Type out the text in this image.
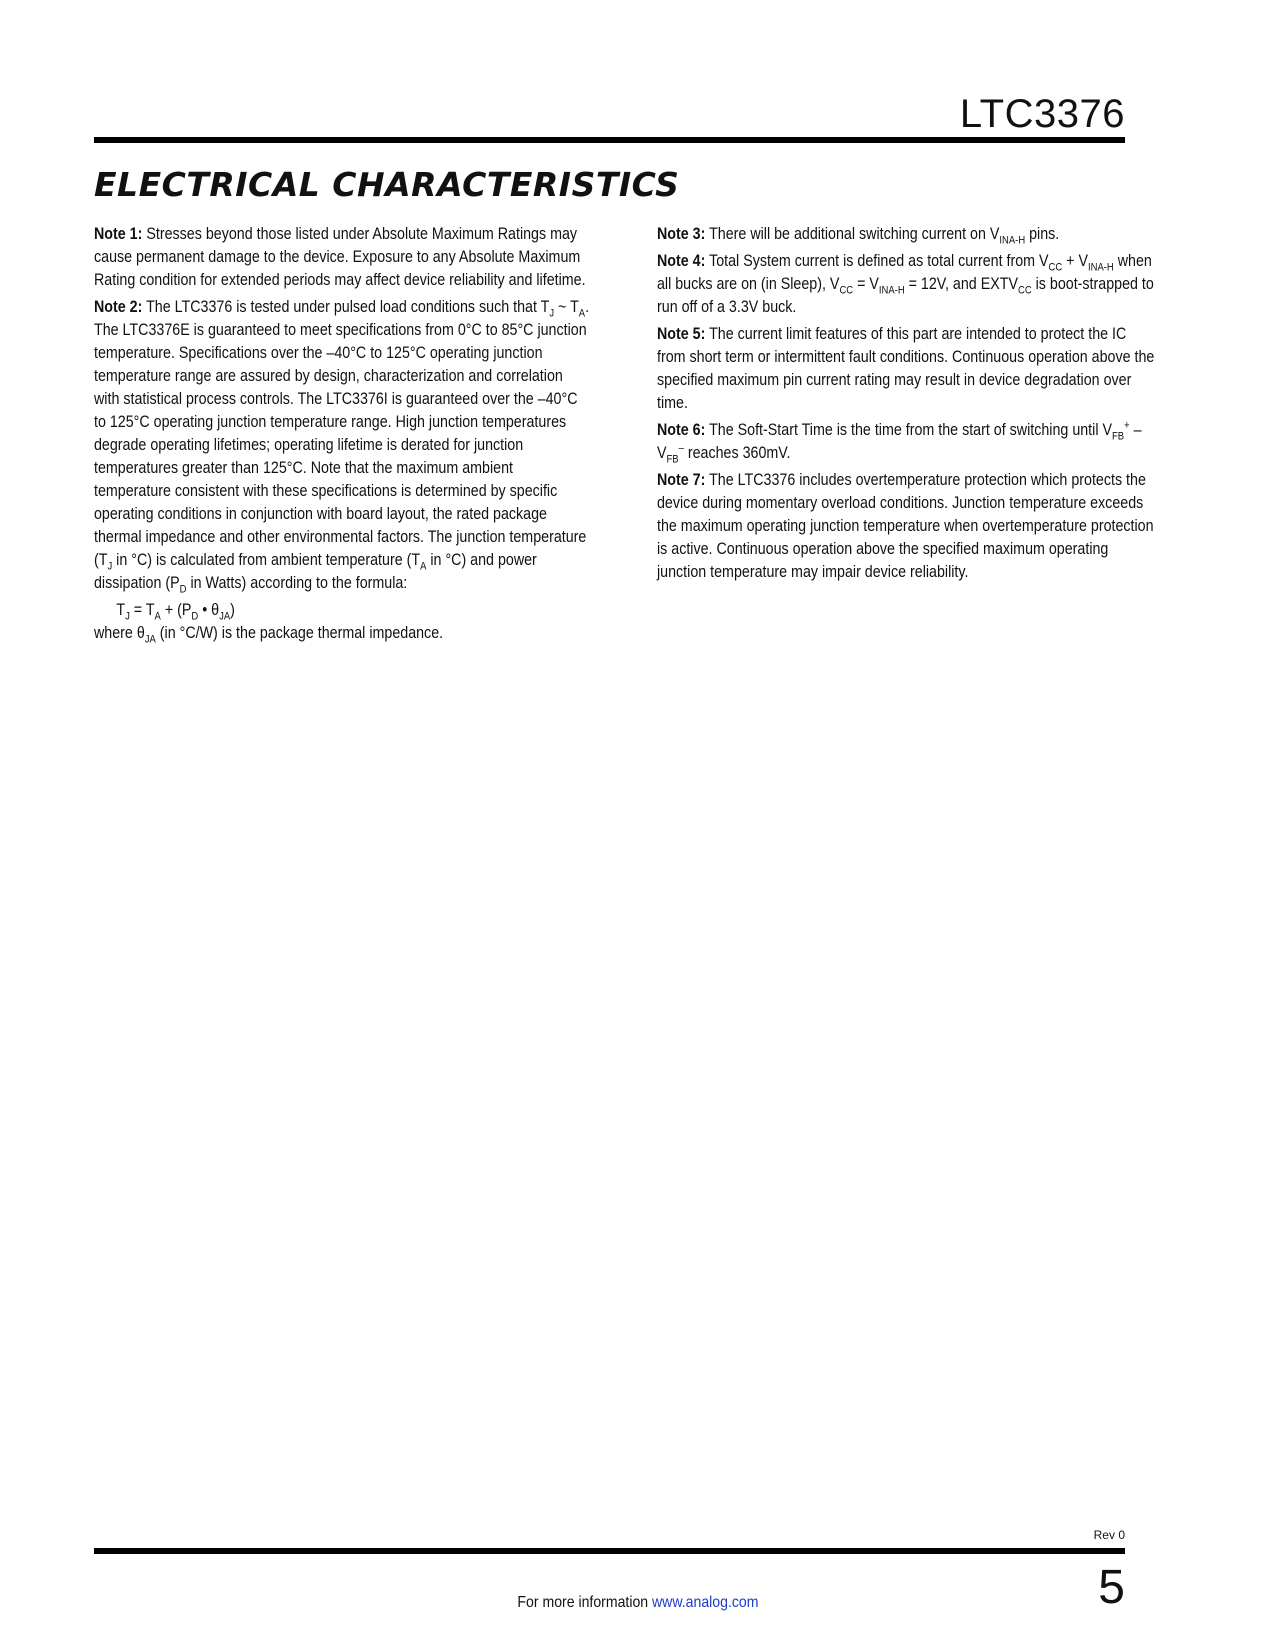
LTC3376
ELECTRICAL CHARACTERISTICS

Note 1: Stresses beyond those listed under Absolute Maximum Ratings may cause permanent damage to the device. Exposure to any Absolute Maximum Rating condition for extended periods may affect device reliability and lifetime.

Note 2: The LTC3376 is tested under pulsed load conditions such that $T_J$ ~ $T_A$. The LTC3376E is guaranteed to meet specifications from 0°C to 85°C junction temperature. Specifications over the –40°C to 125°C operating junction temperature range are assured by design, characterization and correlation with statistical process controls. The LTC3376I is guaranteed over the –40°C to 125°C operating junction temperature range. High junction temperatures degrade operating lifetimes; operating lifetime is derated for junction temperatures greater than 125°C. Note that the maximum ambient temperature consistent with these specifications is determined by specific operating conditions in conjunction with board layout, the rated package thermal impedance and other environmental factors. The junction temperature ($T_J$ in °C) is calculated from ambient temperature ($T_A$ in °C) and power dissipation ($P_D$ in Watts) according to the formula:

$T_J = T_A + (P_D$ • $\theta_{JA}$)

where $\theta_{JA}$ (in °C/W) is the package thermal impedance.

Note 3: There will be additional switching current on $V_{INA-H}$ pins.

Note 4: Total System current is defined as total current from $V_{CC} + V_{INA-H}$ when all bucks are on (in Sleep), $V_{CC} = V_{INA-H} = 12V$, and $EXTV_{CC}$ is boot-strapped to run off of a 3.3V buck.

Note 5: The current limit features of this part are intended to protect the IC from short term or intermittent fault conditions. Continuous operation above the specified maximum pin current rating may result in device degradation over time.

Note 6: The Soft-Start Time is the time from the start of switching until $V_{FB}^+ - V_{FB}^-$ reaches 360mV.

Note 7: The LTC3376 includes overtemperature protection which protects the device during momentary overload conditions. Junction temperature exceeds the maximum operating junction temperature when overtemperature protection is active. Continuous operation above the specified maximum operating junction temperature may impair device reliability.

Rev 0
For more information www.analog.com	5
